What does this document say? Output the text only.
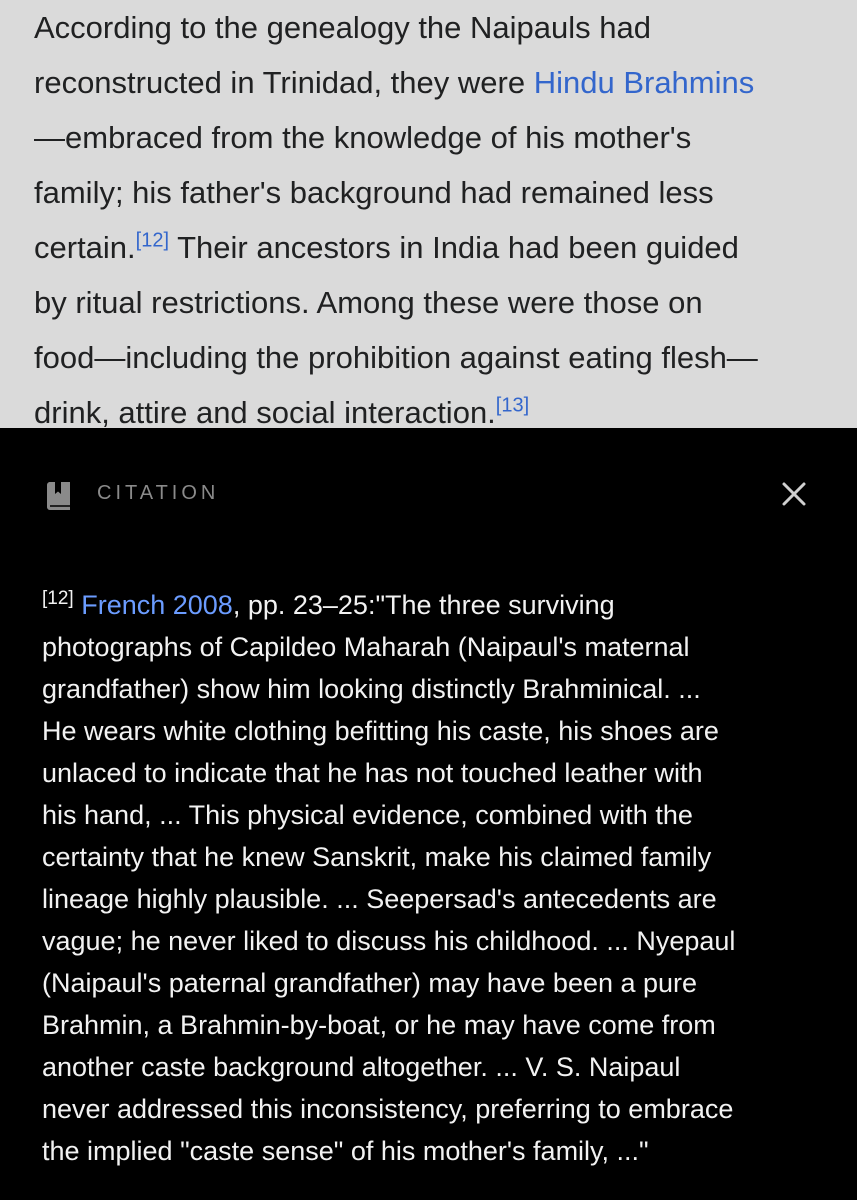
According to the genealogy the Naipauls had
reconstructed in Trinidad, they were Hindu Brahmins
—embraced from the knowledge of his mother's
family; his father's background had remained less
certain.[12] Their ancestors in India had been guided
by ritual restrictions. Among these were those on
food—including the prohibition against eating flesh—
drink, attire and social interaction.[13]

CITATION

[12] French 2008, pp. 23–25:"The three surviving
photographs of Capildeo Maharah (Naipaul's maternal
grandfather) show him looking distinctly Brahminical. ...
He wears white clothing befitting his caste, his shoes are
unlaced to indicate that he has not touched leather with
his hand, ... This physical evidence, combined with the
certainty that he knew Sanskrit, make his claimed family
lineage highly plausible. ... Seepersad's antecedents are
vague; he never liked to discuss his childhood. ... Nyepaul
(Naipaul's paternal grandfather) may have been a pure
Brahmin, a Brahmin-by-boat, or he may have come from
another caste background altogether. ... V. S. Naipaul
never addressed this inconsistency, preferring to embrace
the implied "caste sense" of his mother's family, ..."
